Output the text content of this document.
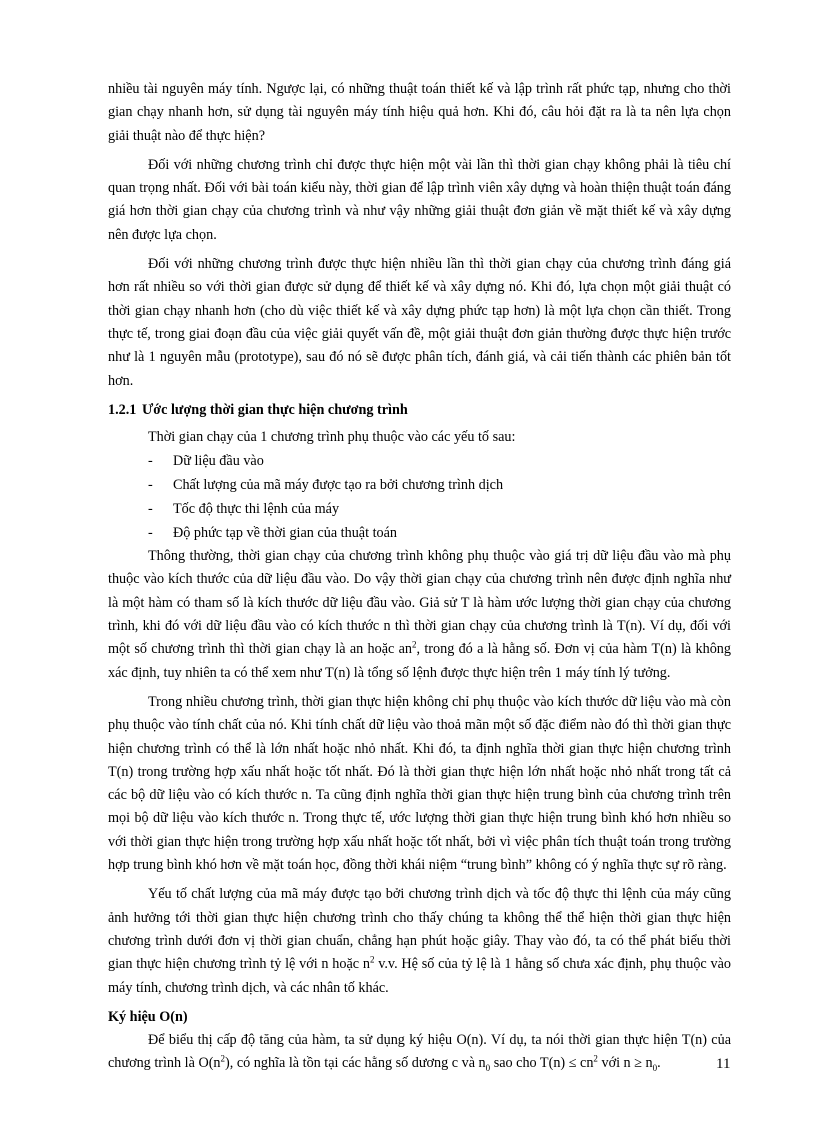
nhiều tài nguyên máy tính. Ngược lại, có những thuật toán thiết kế và lập trình rất phức tạp, nhưng cho thời gian chạy nhanh hơn, sử dụng tài nguyên máy tính hiệu quả hơn. Khi đó, câu hỏi đặt ra là ta nên lựa chọn giải thuật nào để thực hiện?

Đối với những chương trình chỉ được thực hiện một vài lần thì thời gian chạy không phải là tiêu chí quan trọng nhất. Đối với bài toán kiểu này, thời gian để lập trình viên xây dựng và hoàn thiện thuật toán đáng giá hơn thời gian chạy của chương trình và như vậy những giải thuật đơn giản về mặt thiết kế và xây dựng nên được lựa chọn.

Đối với những chương trình được thực hiện nhiều lần thì thời gian chạy của chương trình đáng giá hơn rất nhiều so với thời gian được sử dụng để thiết kế và xây dựng nó. Khi đó, lựa chọn một giải thuật có thời gian chạy nhanh hơn (cho dù việc thiết kế và xây dựng phức tạp hơn) là một lựa chọn cần thiết. Trong thực tế, trong giai đoạn đầu của việc giải quyết vấn đề, một giải thuật đơn giản thường được thực hiện trước như là 1 nguyên mẫu (prototype), sau đó nó sẽ được phân tích, đánh giá, và cải tiến thành các phiên bản tốt hơn.

1.2.1 Ước lượng thời gian thực hiện chương trình

Thời gian chạy của 1 chương trình phụ thuộc vào các yếu tố sau:

- Dữ liệu đầu vào
- Chất lượng của mã máy được tạo ra bởi chương trình dịch
- Tốc độ thực thi lệnh của máy
- Độ phức tạp về thời gian của thuật toán

Thông thường, thời gian chạy của chương trình không phụ thuộc vào giá trị dữ liệu đầu vào mà phụ thuộc vào kích thước của dữ liệu đầu vào. Do vậy thời gian chạy của chương trình nên được định nghĩa như là một hàm có tham số là kích thước dữ liệu đầu vào. Giả sử T là hàm ước lượng thời gian chạy của chương trình, khi đó với dữ liệu đầu vào có kích thước n thì thời gian chạy của chương trình là T(n). Ví dụ, đối với một số chương trình thì thời gian chạy là an hoặc $an^2$, trong đó a là hằng số. Đơn vị của hàm T(n) là không xác định, tuy nhiên ta có thể xem như T(n) là tổng số lệnh được thực hiện trên 1 máy tính lý tưởng.

Trong nhiều chương trình, thời gian thực hiện không chỉ phụ thuộc vào kích thước dữ liệu vào mà còn phụ thuộc vào tính chất của nó. Khi tính chất dữ liệu vào thoả mãn một số đặc điểm nào đó thì thời gian thực hiện chương trình có thể là lớn nhất hoặc nhỏ nhất. Khi đó, ta định nghĩa thời gian thực hiện chương trình T(n) trong trường hợp xấu nhất hoặc tốt nhất. Đó là thời gian thực hiện lớn nhất hoặc nhỏ nhất trong tất cả các bộ dữ liệu vào có kích thước n. Ta cũng định nghĩa thời gian thực hiện trung bình của chương trình trên mọi bộ dữ liệu vào kích thước n. Trong thực tế, ước lượng thời gian thực hiện trung bình khó hơn nhiều so với thời gian thực hiện trong trường hợp xấu nhất hoặc tốt nhất, bởi vì việc phân tích thuật toán trong trường hợp trung bình khó hơn về mặt toán học, đồng thời khái niệm “trung bình” không có ý nghĩa thực sự rõ ràng.

Yếu tố chất lượng của mã máy được tạo bởi chương trình dịch và tốc độ thực thi lệnh của máy cũng ảnh hưởng tới thời gian thực hiện chương trình cho thấy chúng ta không thể thể hiện thời gian thực hiện chương trình dưới đơn vị thời gian chuẩn, chẳng hạn phút hoặc giây. Thay vào đó, ta có thể phát biểu thời gian thực hiện chương trình tỷ lệ với n hoặc $n^2$ v.v. Hệ số của tỷ lệ là 1 hằng số chưa xác định, phụ thuộc vào máy tính, chương trình dịch, và các nhân tố khác.

Ký hiệu O(n)

Để biểu thị cấp độ tăng của hàm, ta sử dụng ký hiệu O(n). Ví dụ, ta nói thời gian thực hiện T(n) của chương trình là $O(n^2)$, có nghĩa là tồn tại các hằng số dương c và $n_0$ sao cho $T(n) \le cn^2$ với $n \ge n_0$.	11
